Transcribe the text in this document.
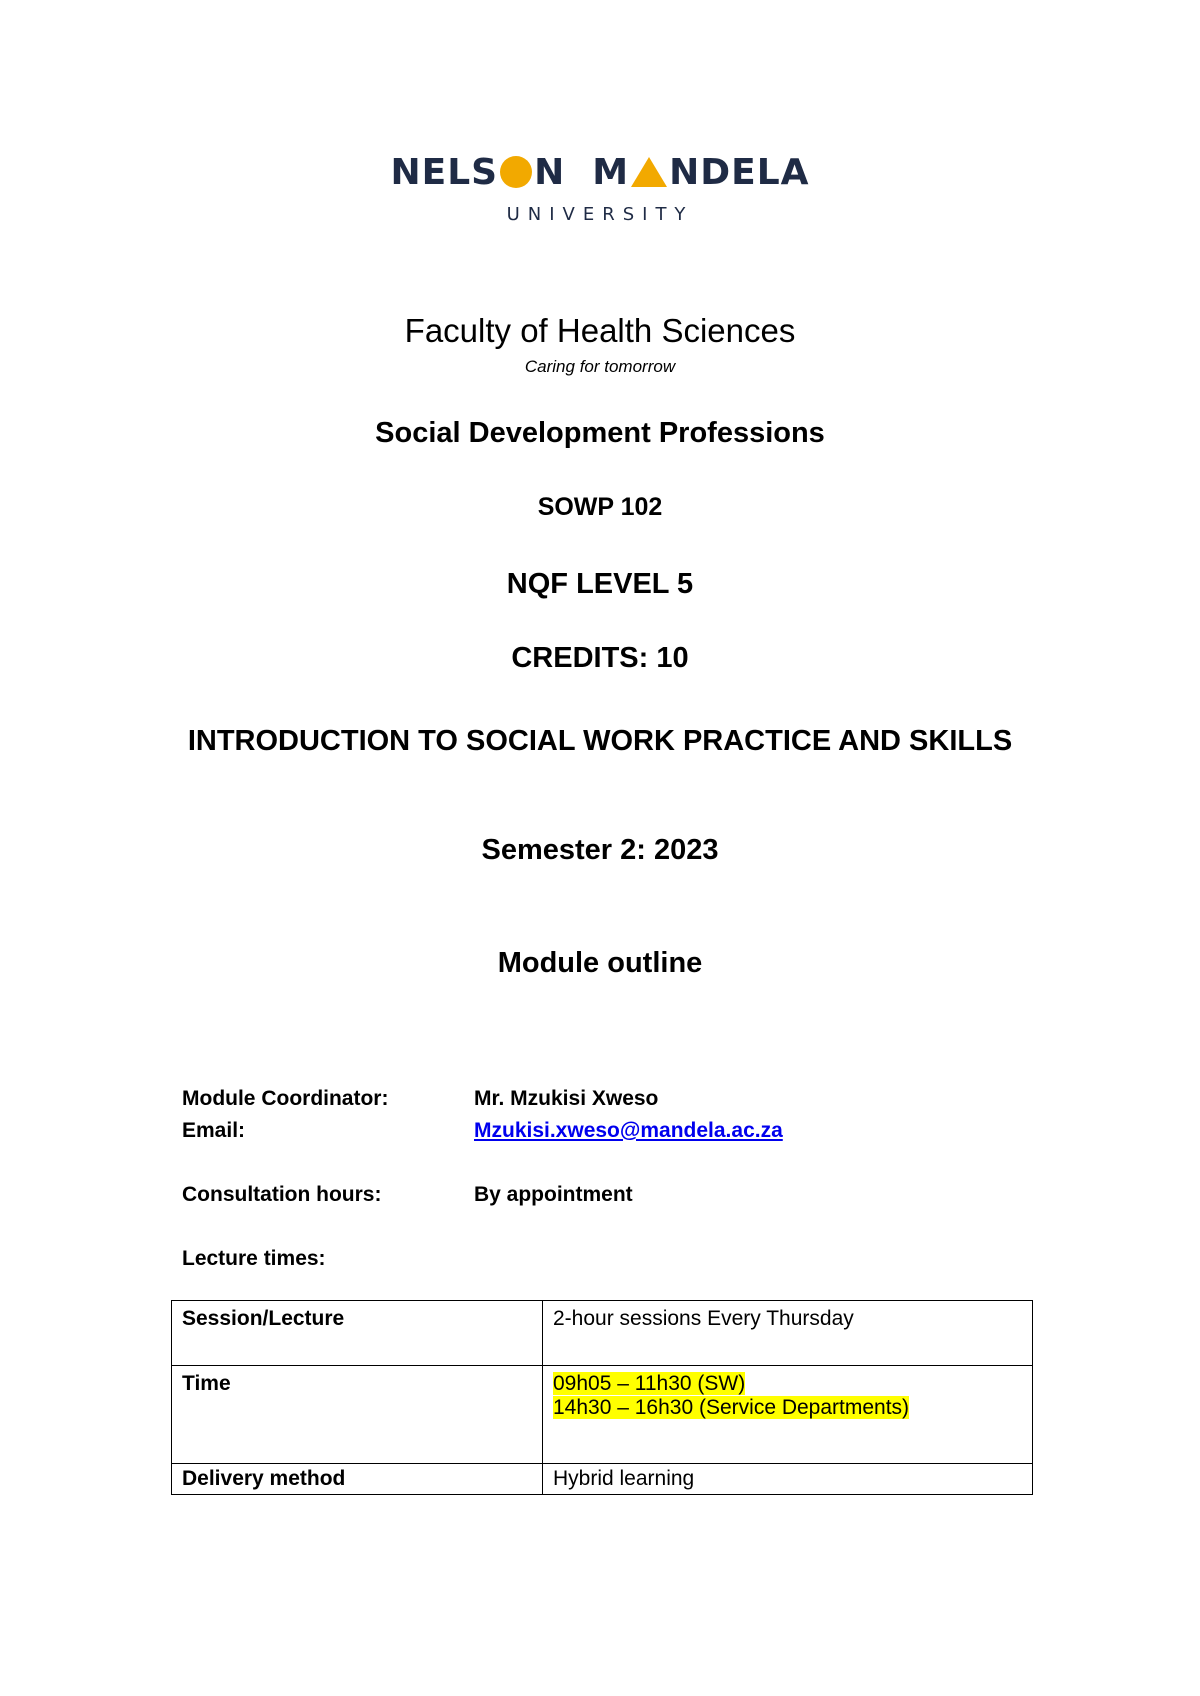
NELS N M NDELA
UNIVERSITY
Faculty of Health Sciences
Caring for tomorrow
Social Development Professions
SOWP 102
NQF LEVEL 5
CREDITS: 10
INTRODUCTION TO SOCIAL WORK PRACTICE AND SKILLS
Semester 2: 2023
Module outline
Module Coordinator:	Mr. Mzukisi Xweso
Email:	Mzukisi.xweso@mandela.ac.za
Consultation hours:	By appointment
Lecture times:
Session/Lecture	2-hour sessions Every Thursday
Time	09h05 – 11h30 (SW)
14h30 – 16h30 (Service Departments)
Delivery method	Hybrid learning
